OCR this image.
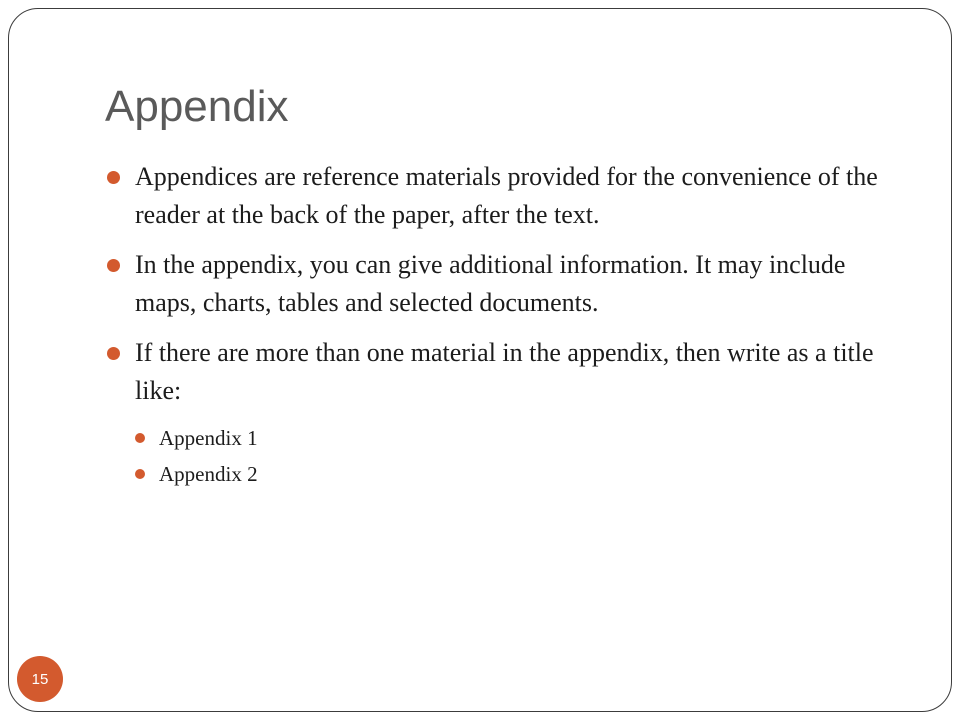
Appendix
Appendices are reference materials provided for the convenience of the reader at the back of the paper, after the text.
In the appendix, you can give additional information. It may include maps, charts, tables and selected documents.
If there are more than one material in the appendix, then write as a title like:
Appendix 1
Appendix 2
15
